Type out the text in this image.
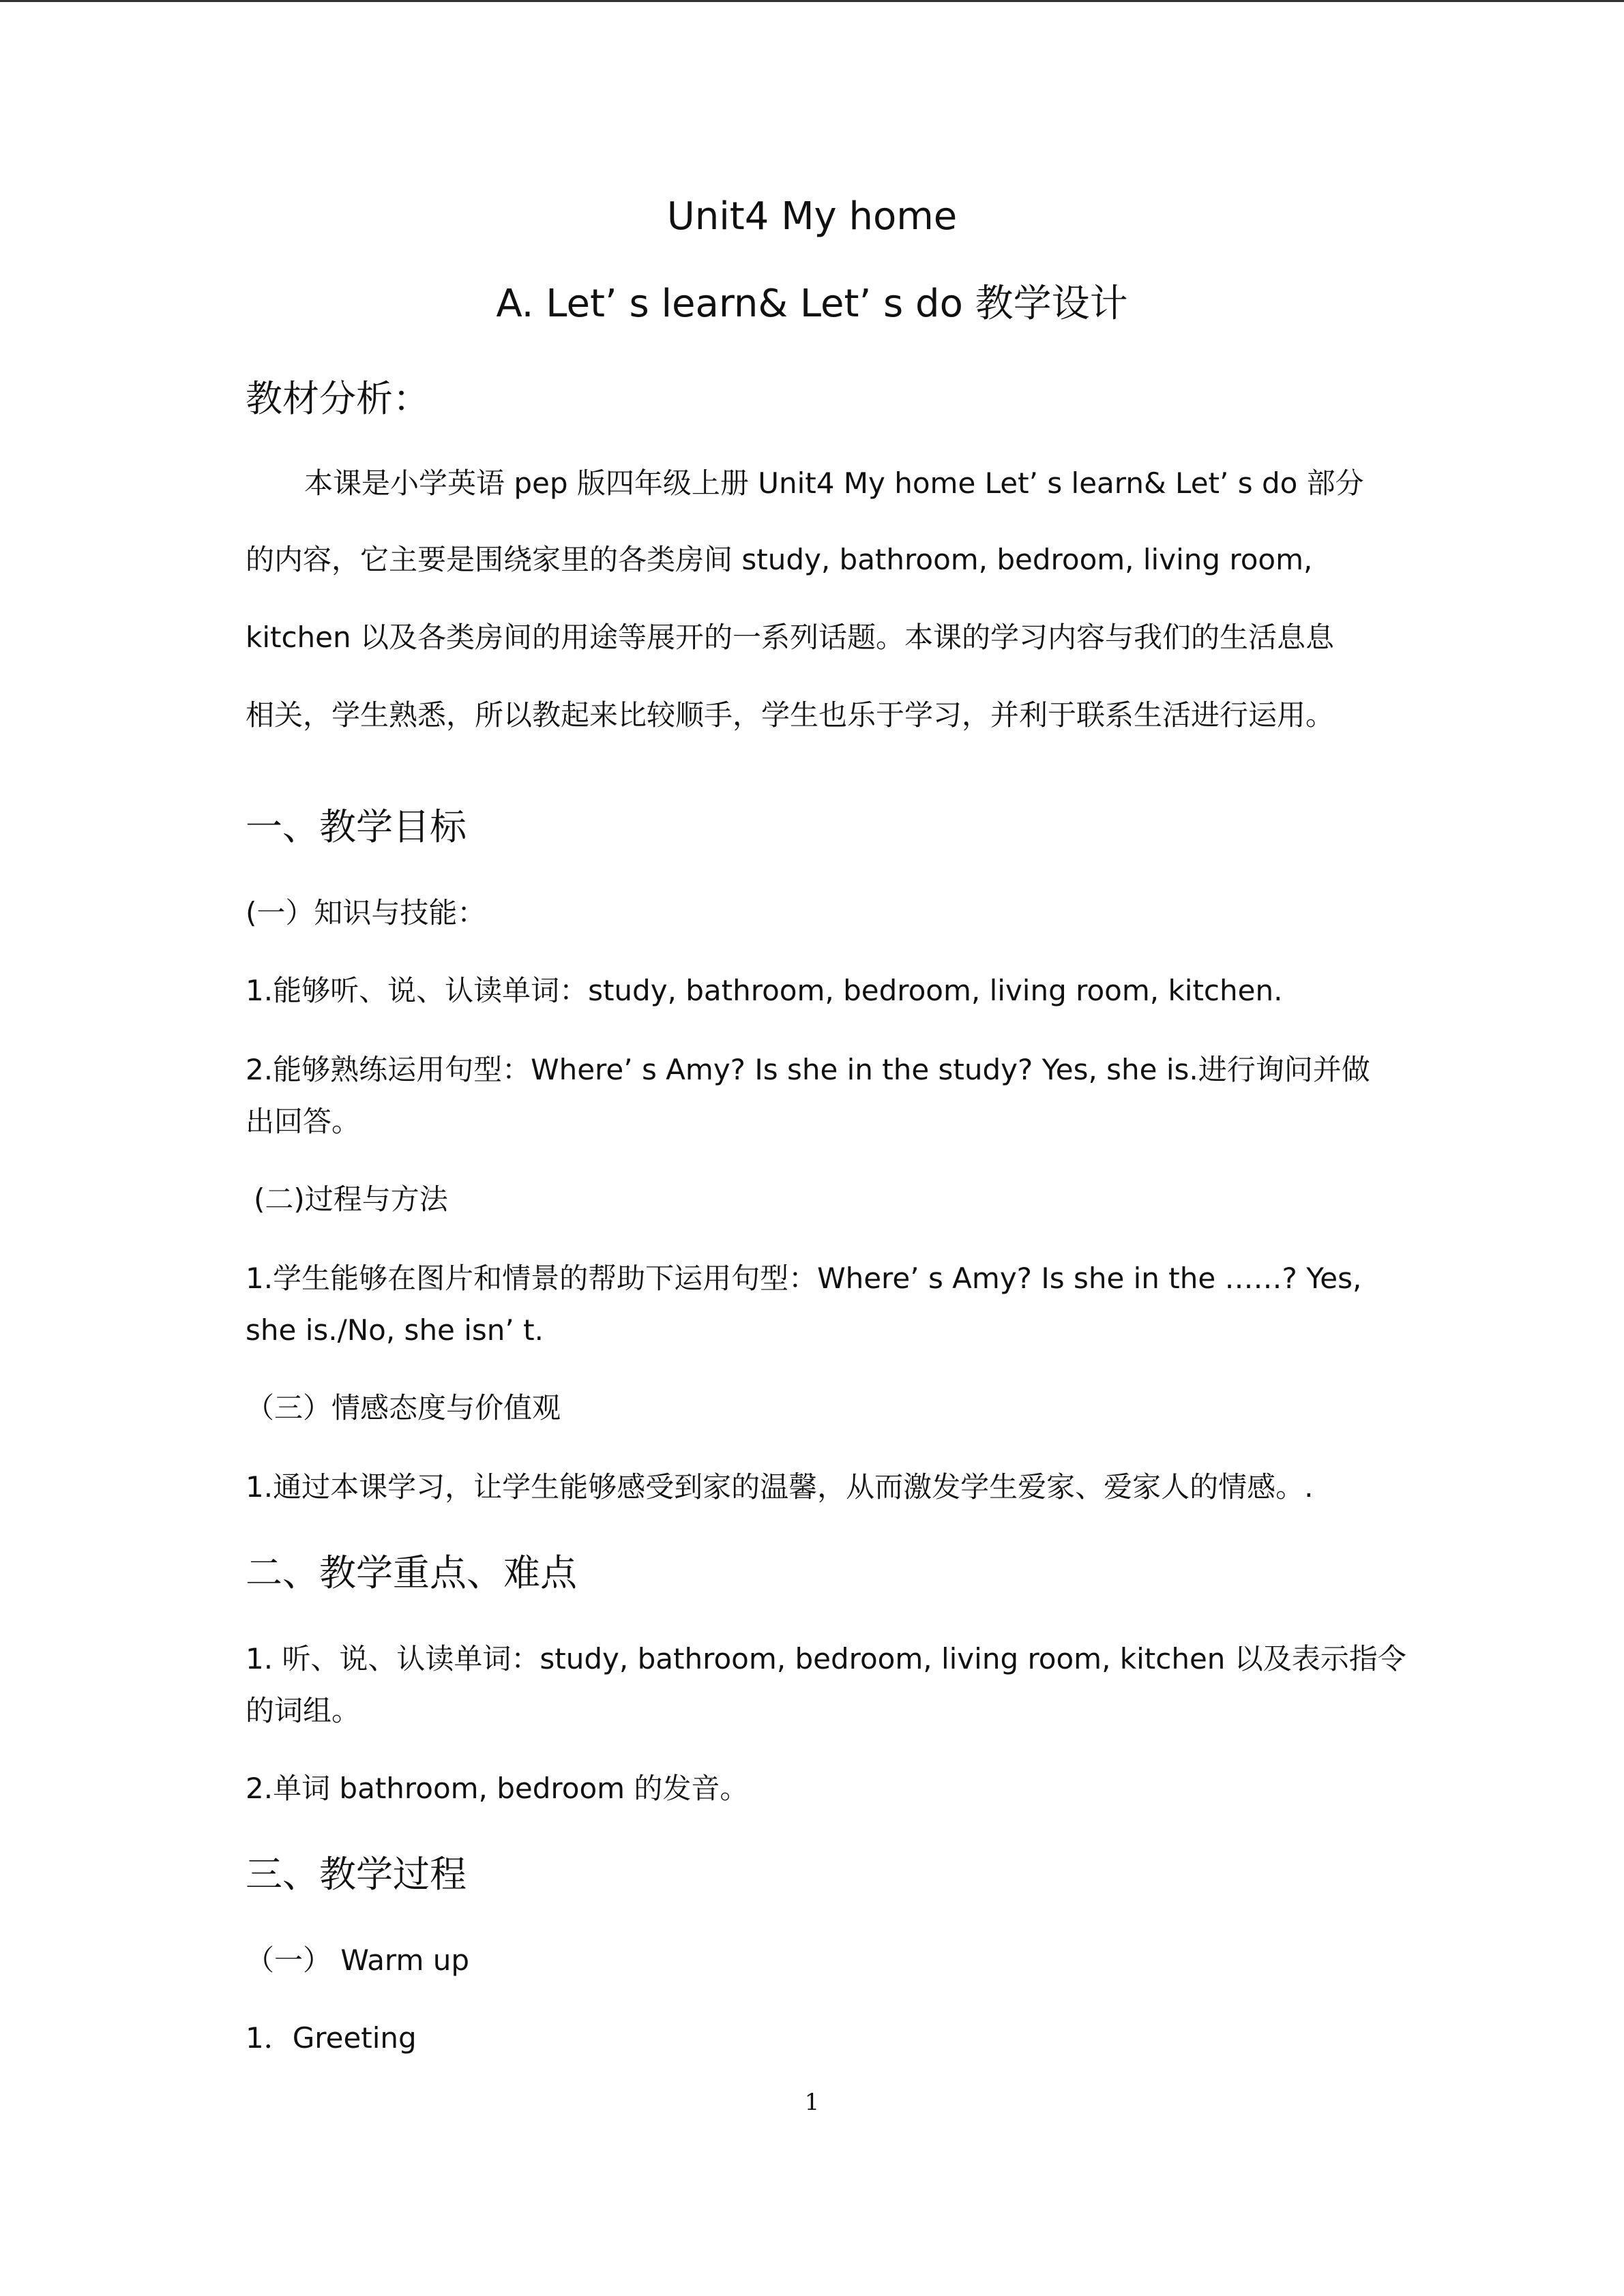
Unit4 My home
A. Let’ s learn& Let’ s do 教学设计
教材分析：
本课是小学英语 pep 版四年级上册 Unit4 My home Let’ s learn& Let’ s do 部分
的内容，它主要是围绕家里的各类房间 study, bathroom, bedroom, living room,
kitchen 以及各类房间的用途等展开的一系列话题。本课的学习内容与我们的生活息息
相关，学生熟悉，所以教起来比较顺手，学生也乐于学习，并利于联系生活进行运用。
一、教学目标
(一）知识与技能：
1.能够听、说、认读单词：study, bathroom, bedroom, living room, kitchen.
2.能够熟练运用句型：Where’ s Amy? Is she in the study? Yes, she is.进行询问并做
出回答。
(二)过程与方法
1.学生能够在图片和情景的帮助下运用句型：Where’ s Amy? Is she in the ……? Yes,
she is./No, she isn’ t.
（三）情感态度与价值观
1.通过本课学习，让学生能够感受到家的温馨，从而激发学生爱家、爱家人的情感。.
二、教学重点、难点
1. 听、说、认读单词：study, bathroom, bedroom, living room, kitchen 以及表示指令
的词组。
2.单词 bathroom, bedroom 的发音。
三、教学过程
（一） Warm up
1．Greeting
1
